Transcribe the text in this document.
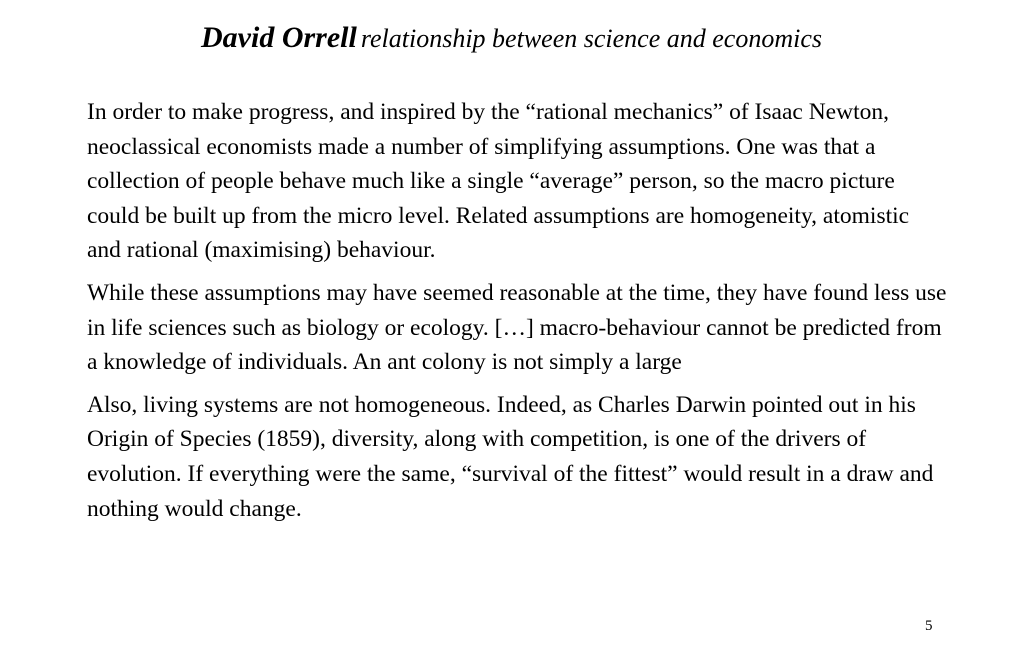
David Orrell relationship between science and economics

In order to make progress, and inspired by the “rational mechanics” of Isaac Newton, neoclassical economists made a number of simplifying assumptions. One was that a collection of people behave much like a single “average” person, so the macro picture could be built up from the micro level. Related assumptions are homogeneity, atomistic and rational (maximising) behaviour.

While these assumptions may have seemed reasonable at the time, they have found less use in life sciences such as biology or ecology. […] macro-behaviour cannot be predicted from a knowledge of individuals. An ant colony is not simply a large

Also, living systems are not homogeneous. Indeed, as Charles Darwin pointed out in his Origin of Species (1859), diversity, along with competition, is one of the drivers of evolution. If everything were the same, “survival of the fittest” would result in a draw and nothing would change.

5
